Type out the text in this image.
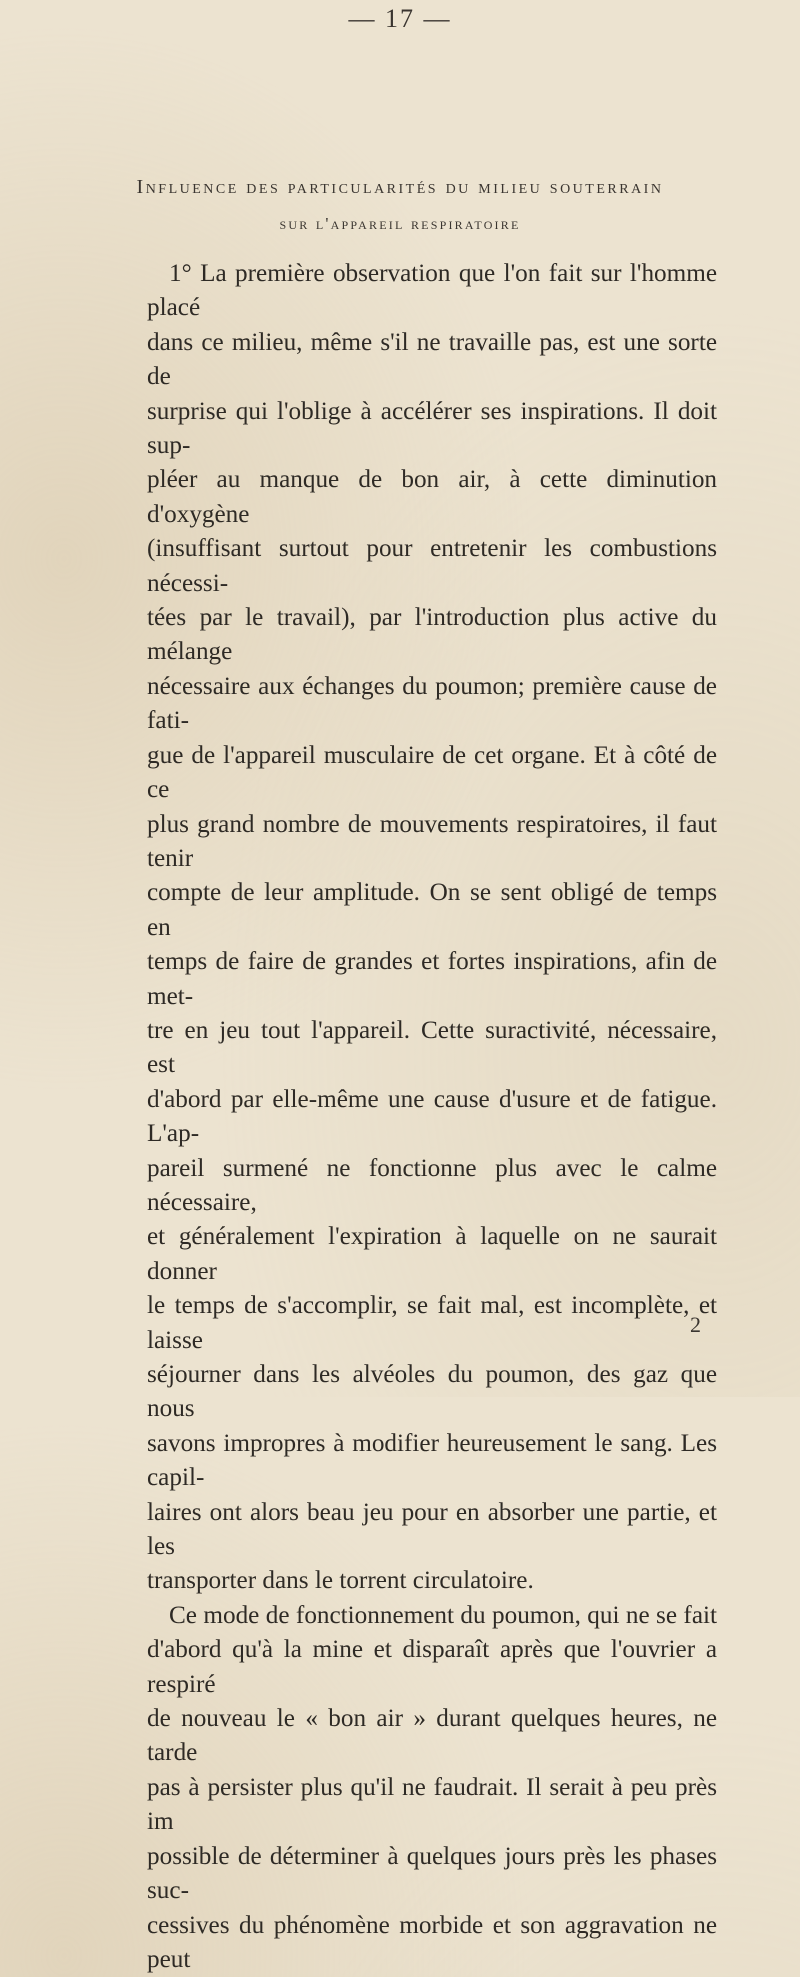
— 17 —
Influence des particularités du milieu souterrain
sur l'appareil respiratoire

1° La première observation que l'on fait sur l'homme placé

dans ce milieu, même s'il ne travaille pas, est une sorte de

surprise qui l'oblige à accélérer ses inspirations. Il doit sup-

pléer au manque de bon air, à cette diminution d'oxygène

(insuffisant surtout pour entretenir les combustions nécessi-

tées par le travail), par l'introduction plus active du mélange

nécessaire aux échanges du poumon; première cause de fati-

gue de l'appareil musculaire de cet organe. Et à côté de ce

plus grand nombre de mouvements respiratoires, il faut tenir

compte de leur amplitude. On se sent obligé de temps en

temps de faire de grandes et fortes inspirations, afin de met-

tre en jeu tout l'appareil. Cette suractivité, nécessaire, est

d'abord par elle-même une cause d'usure et de fatigue. L'ap-

pareil surmené ne fonctionne plus avec le calme nécessaire,

et généralement l'expiration à laquelle on ne saurait donner

le temps de s'accomplir, se fait mal, est incomplète, et laisse

séjourner dans les alvéoles du poumon, des gaz que nous

savons impropres à modifier heureusement le sang. Les capil-

laires ont alors beau jeu pour en absorber une partie, et les

transporter dans le torrent circulatoire.

Ce mode de fonctionnement du poumon, qui ne se fait

d'abord qu'à la mine et disparaît après que l'ouvrier a respiré

de nouveau le « bon air » durant quelques heures, ne tarde

pas à persister plus qu'il ne faudrait. Il serait à peu près im

possible de déterminer à quelques jours près les phases suc-

cessives du phénomène morbide et son aggravation ne peut

2
